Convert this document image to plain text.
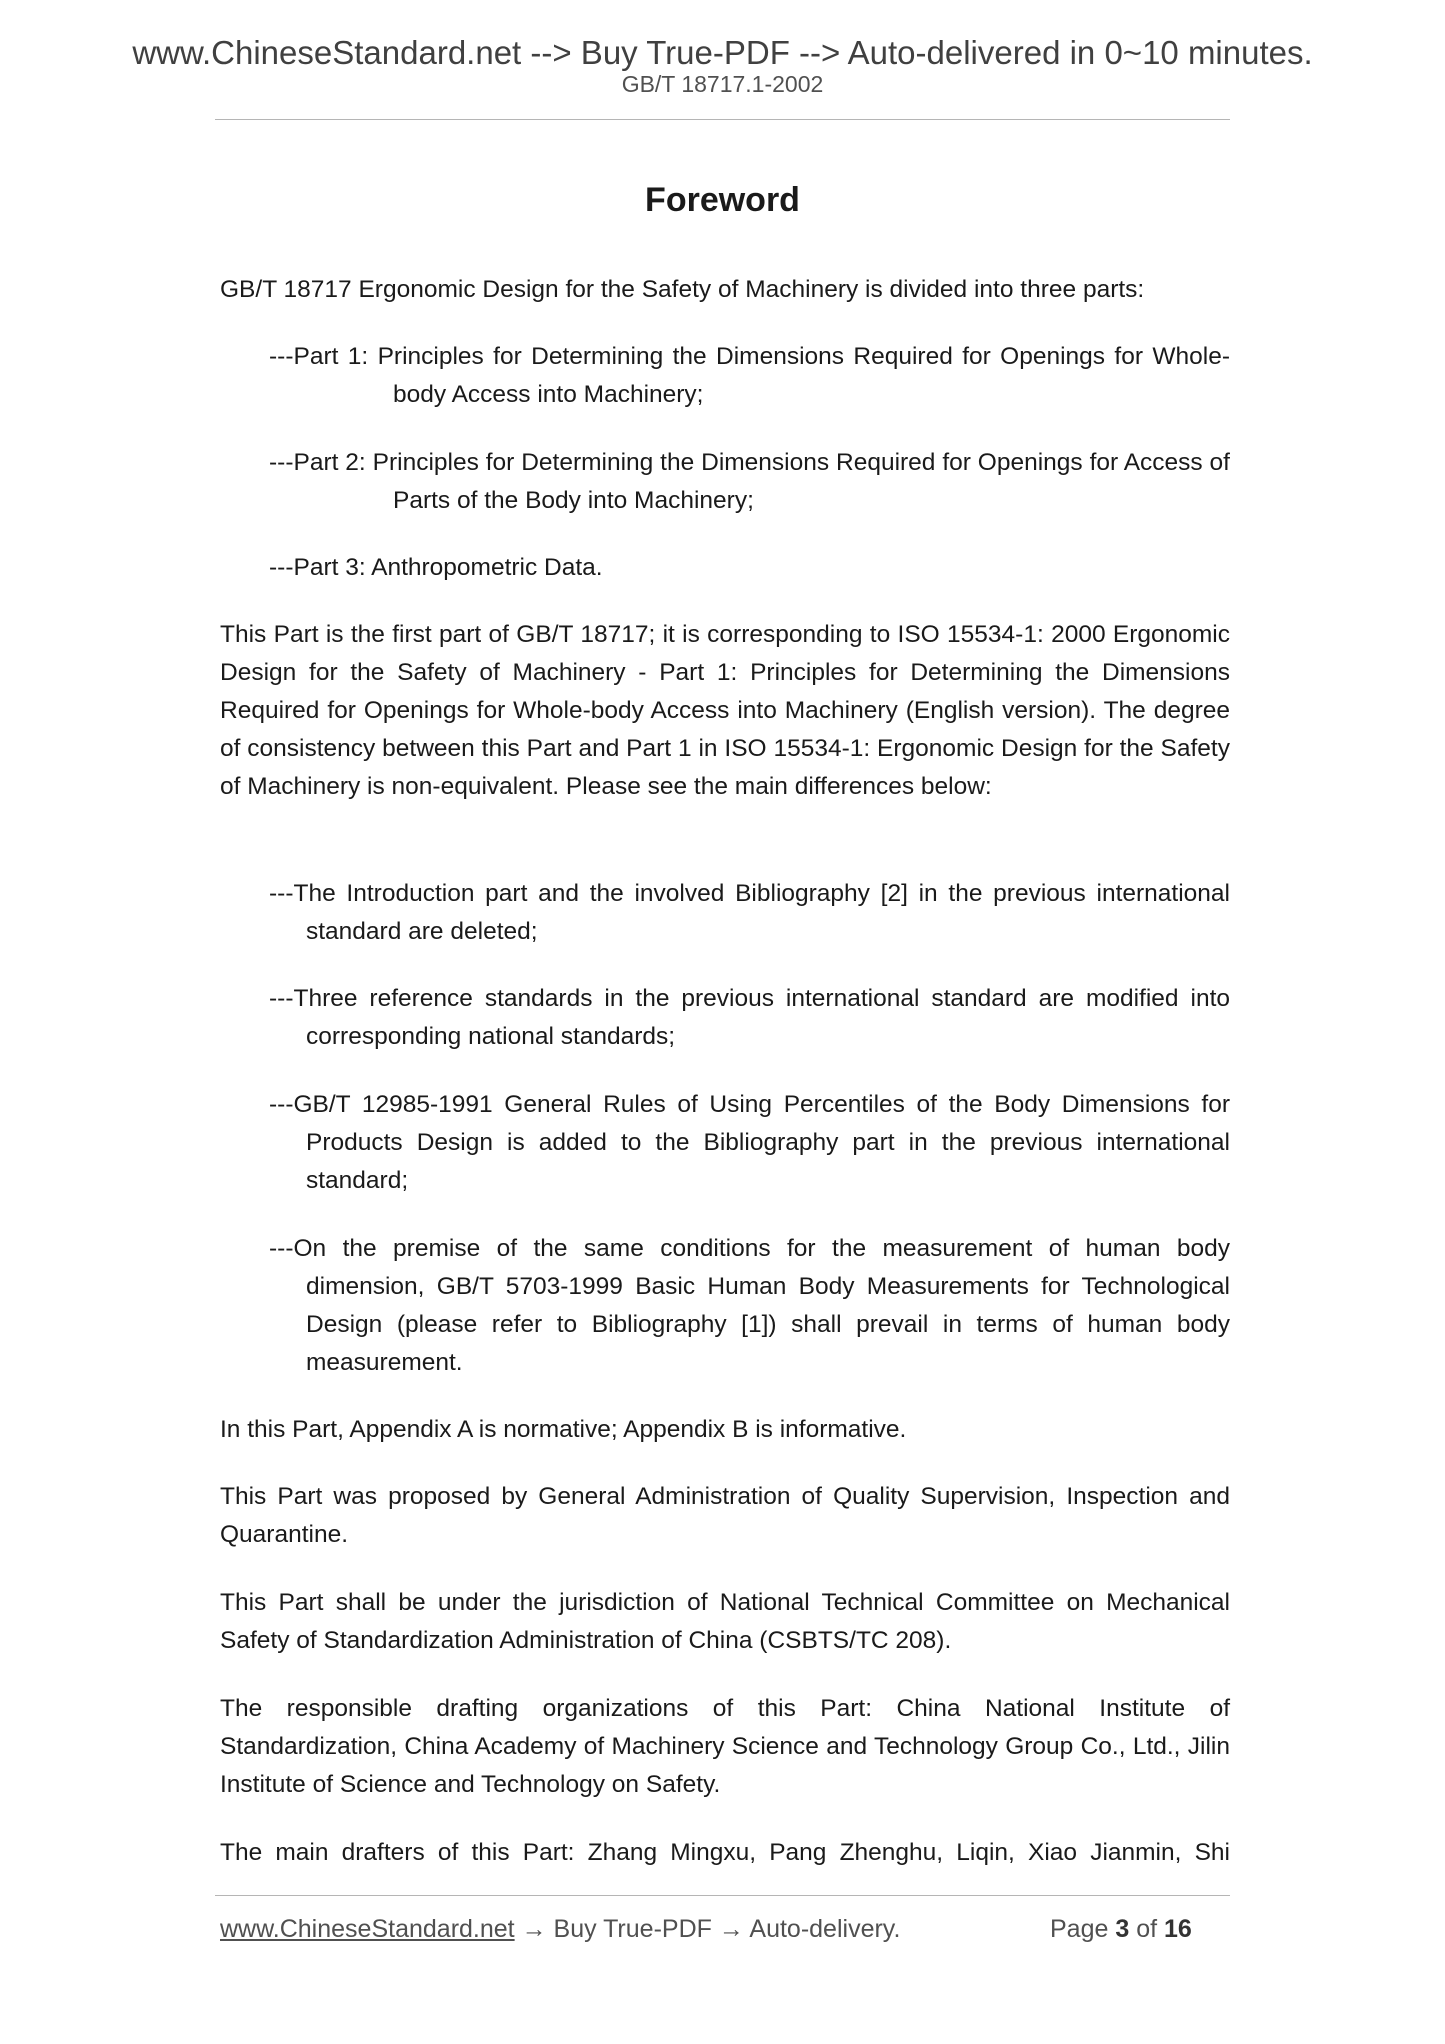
www.ChineseStandard.net --> Buy True-PDF --> Auto-delivered in 0~10 minutes.
GB/T 18717.1-2002
Foreword

GB/T 18717 Ergonomic Design for the Safety of Machinery is divided into three parts:

---Part 1: Principles for Determining the Dimensions Required for Openings for Whole-body Access into Machinery;

---Part 2: Principles for Determining the Dimensions Required for Openings for Access of Parts of the Body into Machinery;

---Part 3: Anthropometric Data.

This Part is the first part of GB/T 18717; it is corresponding to ISO 15534-1: 2000 Ergonomic Design for the Safety of Machinery - Part 1: Principles for Determining the Dimensions Required for Openings for Whole-body Access into Machinery (English version). The degree of consistency between this Part and Part 1 in ISO 15534-1: Ergonomic Design for the Safety of Machinery is non-equivalent. Please see the main differences below:

---The Introduction part and the involved Bibliography [2] in the previous international standard are deleted;

---Three reference standards in the previous international standard are modified into corresponding national standards;

---GB/T 12985-1991 General Rules of Using Percentiles of the Body Dimensions for Products Design is added to the Bibliography part in the previous international standard;

---On the premise of the same conditions for the measurement of human body dimension, GB/T 5703-1999 Basic Human Body Measurements for Technological Design (please refer to Bibliography [1]) shall prevail in terms of human body measurement.

In this Part, Appendix A is normative; Appendix B is informative.

This Part was proposed by General Administration of Quality Supervision, Inspection and Quarantine.

This Part shall be under the jurisdiction of National Technical Committee on Mechanical Safety of Standardization Administration of China (CSBTS/TC 208).

The responsible drafting organizations of this Part: China National Institute of Standardization, China Academy of Machinery Science and Technology Group Co., Ltd., Jilin Institute of Science and Technology on Safety.

The main drafters of this Part: Zhang Mingxu, Pang Zhenghu, Liqin, Xiao Jianmin, Shi

www.ChineseStandard.net → Buy True-PDF → Auto-delivery.	Page 3 of 16
